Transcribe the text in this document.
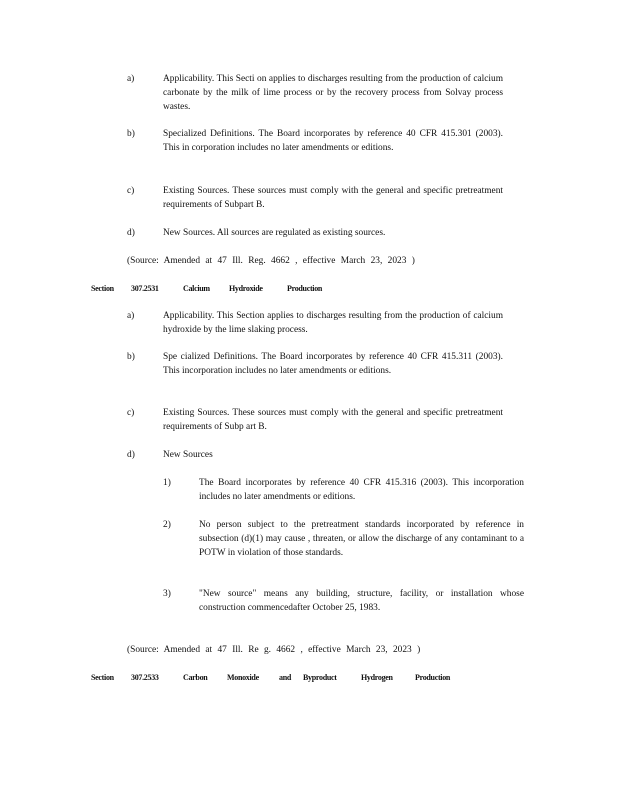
a)	Applicability. This Secti on applies to discharges resulting from the production of calcium carbonate by the milk of lime process or by the recovery process from Solvay process wastes.
b)	Specialized Definitions. The Board incorporates by reference 40 CFR 415.301 (2003). This in corporation includes no later amendments or editions.
c)	Existing Sources. These sources must comply with the general and specific pretreatment requirements of Subpart B.
d)	New Sources. All sources are regulated as existing sources.
(Source: Amended at 47 Ill. Reg. 4662 , effective March 23, 2023 )
Section 307.2531	Calcium Hydroxide	Production
a)	Applicability. This Section applies to discharges resulting from the production of calcium hydroxide by the lime slaking process.
b)	Spe cialized Definitions. The Board incorporates by reference 40 CFR 415.311 (2003). This incorporation includes no later amendments or editions.
c)	Existing Sources. These sources must comply with the general and specific pretreatment requirements of Subp art B.
d)	New Sources
1)	The Board incorporates by reference 40 CFR 415.316 (2003). This incorporation includes no later amendments or editions.
2)	No person subject to the pretreatment standards incorporated by reference in subsection (d)(1) may cause , threaten, or allow the discharge of any contaminant to a POTW in violation of those standards.
3)	"New source" means any building, structure, facility, or installation whose construction commencedafter October 25, 1983.
(Source: Amended at 47 Ill. Re g. 4662 , effective March 23, 2023 )
Section 307.2533	Carbon Monoxide	and Byproduct	Hydrogen	Production
